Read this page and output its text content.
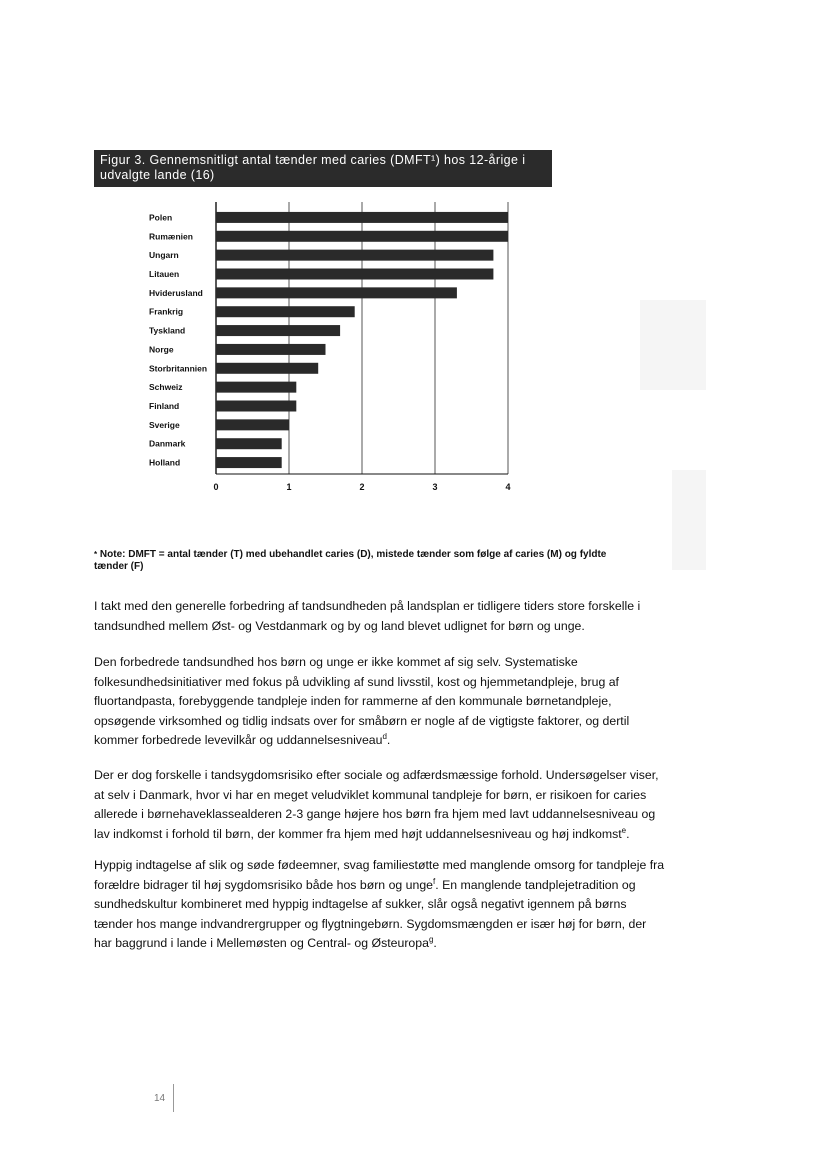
Figur 3. Gennemsnitligt antal tænder med caries (DMFT¹) hos 12-årige i udvalgte lande (16)
0	1	2	3	4
Polen
Rumænien
Ungarn
Litauen
Hviderusland
Frankrig
Tyskland
Norge
Storbritannien
Schweiz
Finland
Sverige
Danmark
Holland
* Note: DMFT = antal tænder (T) med ubehandlet caries (D), mistede tænder som følge af caries (M) og fyldte tænder (F)
I takt med den generelle forbedring af tandsundheden på landsplan er tidligere tiders store forskelle i tandsundhed mellem Øst- og Vestdanmark og by og land blevet udlignet for børn og unge.
Den forbedrede tandsundhed hos børn og unge er ikke kommet af sig selv. Systematiske folkesundhedsinitiativer med fokus på udvikling af sund livsstil, kost og hjemmetandpleje, brug af fluortandpasta, forebyggende tandpleje inden for rammerne af den kommunale børnetandpleje, opsøgende virksomhed og tidlig indsats over for småbørn er nogle af de vigtigste faktorer, og dertil kommer forbedrede levevilkår og uddannelsesniveau$^d$.
Der er dog forskelle i tandsygdomsrisiko efter sociale og adfærdsmæssige forhold. Undersøgelser viser, at selv i Danmark, hvor vi har en meget veludviklet kommunal tandpleje for børn, er risikoen for caries allerede i børnehaveklassealderen 2-3 gange højere hos børn fra hjem med lavt uddannelsesniveau og lav indkomst i forhold til børn, der kommer fra hjem med højt uddannelsesniveau og høj indkomst$^e$.
Hyppig indtagelse af slik og søde fødeemner, svag familiestøtte med manglende omsorg for tandpleje fra forældre bidrager til høj sygdomsrisiko både hos børn og unge$^f$. En manglende tandplejetradition og sundhedskultur kombineret med hyppig indtagelse af sukker, slår også negativt igennem på børns tænder hos mange indvandrergrupper og flygtningebørn. Sygdomsmængden er især høj for børn, der har baggrund i lande i Mellemøsten og Central- og Østeuropa$^g$.
14
